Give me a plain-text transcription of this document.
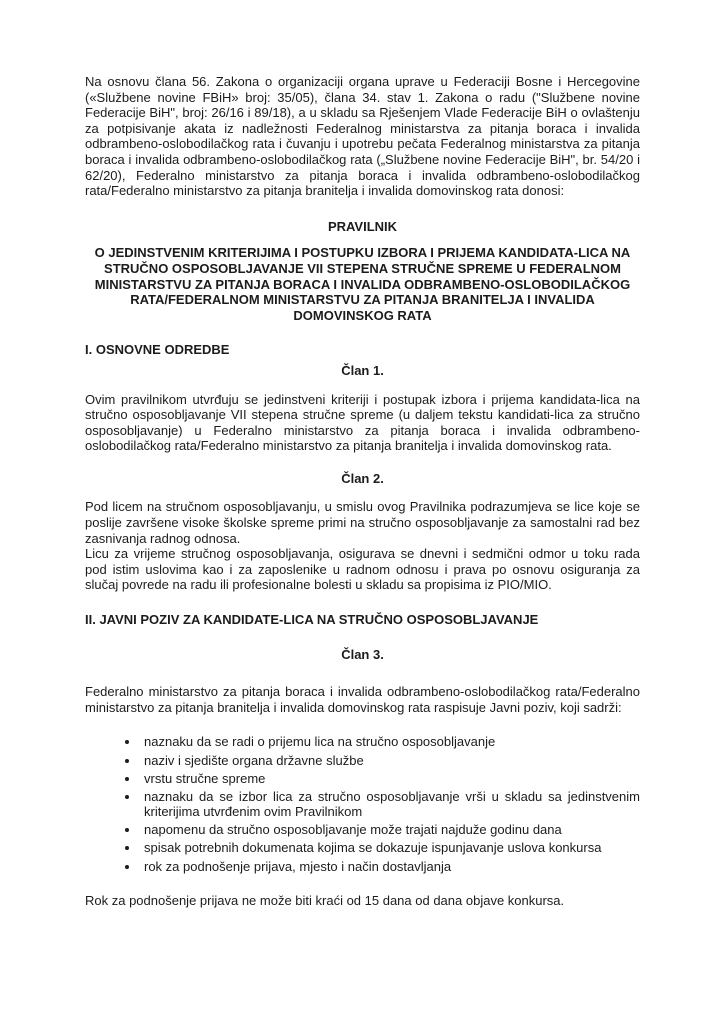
Na osnovu člana 56. Zakona o organizaciji organa uprave u Federaciji Bosne i Hercegovine («Službene novine FBiH» broj: 35/05), člana 34. stav 1. Zakona o radu ("Službene novine Federacije BiH", broj: 26/16 i 89/18), a u skladu sa Rješenjem Vlade Federacije BiH o ovlaštenju za potpisivanje akata iz nadležnosti Federalnog ministarstva za pitanja boraca i invalida odbrambeno-oslobodilačkog rata i čuvanju i upotrebu pečata Federalnog ministarstva za pitanja boraca i invalida odbrambeno-oslobodilačkog rata („Službene novine Federacije BiH", br. 54/20 i 62/20), Federalno ministarstvo za pitanja boraca i invalida odbrambeno-oslobodilačkog rata/Federalno ministarstvo za pitanja branitelja i invalida domovinskog rata donosi:

PRAVILNIK
O JEDINSTVENIM KRITERIJIMA I POSTUPKU IZBORA I PRIJEMA KANDIDATA-LICA NA STRUČNO OSPOSOBLJAVANJE VII STEPENA STRUČNE SPREME U FEDERALNOM MINISTARSTVU ZA PITANJA BORACA I INVALIDA ODBRAMBENO-OSLOBODILAČKOG RATA/FEDERALNOM MINISTARSTVU ZA PITANJA BRANITELJA I INVALIDA DOMOVINSKOG RATA
I. OSNOVNE ODREDBE
Član 1.

Ovim pravilnikom utvrđuju se jedinstveni kriteriji i postupak izbora i prijema kandidata-lica na stručno osposobljavanje VII stepena stručne spreme (u daljem tekstu kandidati-lica za stručno osposobljavanje) u Federalno ministarstvo za pitanja boraca i invalida odbrambeno-oslobodilačkog rata/Federalno ministarstvo za pitanja branitelja i invalida domovinskog rata.

Član 2.

Pod licem na stručnom osposobljavanju, u smislu ovog Pravilnika podrazumjeva se lice koje se poslije završene visoke školske spreme primi na stručno osposobljavanje za samostalni rad bez zasnivanja radnog odnosa.

Licu za vrijeme stručnog osposobljavanja, osigurava se dnevni i sedmični odmor u toku rada pod istim uslovima kao i za zaposlenike u radnom odnosu i prava po osnovu osiguranja za slučaj povrede na radu ili profesionalne bolesti u skladu sa propisima iz PIO/MIO.

II. JAVNI POZIV ZA KANDIDATE-LICA NA STRUČNO OSPOSOBLJAVANJE
Član 3.

Federalno ministarstvo za pitanja boraca i invalida odbrambeno-oslobodilačkog rata/Federalno ministarstvo za pitanja branitelja i invalida domovinskog rata raspisuje Javni poziv, koji sadrži:

• naznaku da se radi o prijemu lica na stručno osposobljavanje
• naziv i sjedište organa državne službe
• vrstu stručne spreme
• naznaku da se izbor lica za stručno osposobljavanje vrši u skladu sa jedinstvenim kriterijima utvrđenim ovim Pravilnikom
• napomenu da stručno osposobljavanje može trajati najduže godinu dana
• spisak potrebnih dokumenata kojima se dokazuje ispunjavanje uslova konkursa
• rok za podnošenje prijava, mjesto i način dostavljanja

Rok za podnošenje prijava ne može biti kraći od 15 dana od dana objave konkursa.
